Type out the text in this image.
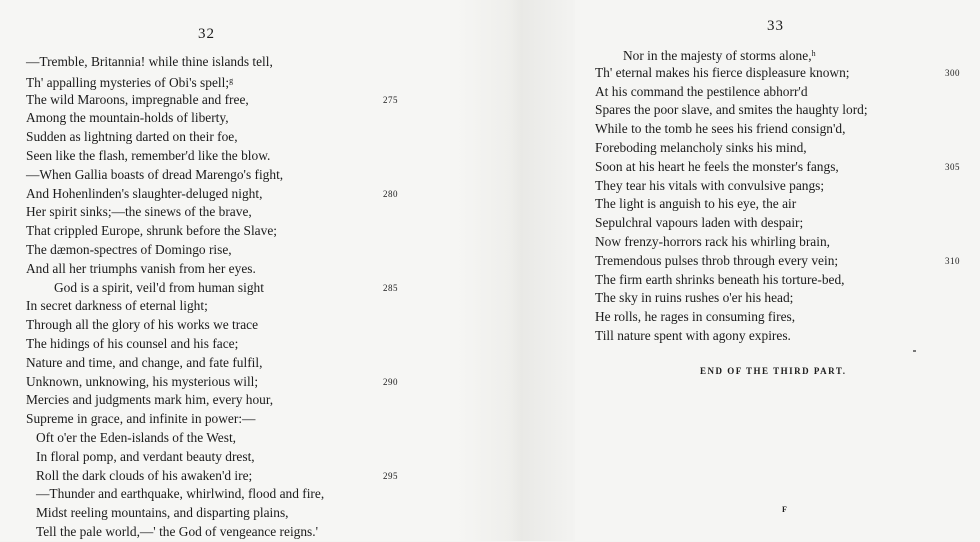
32
—Tremble, Britannia! while thine islands tell,
Th' appalling mysteries of Obi's spell;$^g$
The wild Maroons, impregnable and free,	275
Among the mountain-holds of liberty,
Sudden as lightning darted on their foe,
Seen like the flash, remember'd like the blow.
—When Gallia boasts of dread Marengo's fight,
And Hohenlinden's slaughter-deluged night,	280
Her spirit sinks;—the sinews of the brave,
That crippled Europe, shrunk before the Slave;
The dæmon-spectres of Domingo rise,
And all her triumphs vanish from her eyes.
God is a spirit, veil'd from human sight	285
In secret darkness of eternal light;
Through all the glory of his works we trace
The hidings of his counsel and his face;
Nature and time, and change, and fate fulfil,
Unknown, unknowing, his mysterious will;	290
Mercies and judgments mark him, every hour,
Supreme in grace, and infinite in power:—
Oft o'er the Eden-islands of the West,
In floral pomp, and verdant beauty drest,
Roll the dark clouds of his awaken'd ire;	295
—Thunder and earthquake, whirlwind, flood and fire,
Midst reeling mountains, and disparting plains,
Tell the pale world,—' the God of vengeance reigns.'
33
Nor in the majesty of storms alone,$^h$
Th' eternal makes his fierce displeasure known;	300
At his command the pestilence abhorr'd
Spares the poor slave, and smites the haughty lord;
While to the tomb he sees his friend consign'd,
Foreboding melancholy sinks his mind,
Soon at his heart he feels the monster's fangs,	305
They tear his vitals with convulsive pangs;
The light is anguish to his eye, the air
Sepulchral vapours laden with despair;
Now frenzy-horrors rack his whirling brain,
Tremendous pulses throb through every vein;	310
The firm earth shrinks beneath his torture-bed,
The sky in ruins rushes o'er his head;
He rolls, he rages in consuming fires,
Till nature spent with agony expires.
END OF THE THIRD PART.
F
